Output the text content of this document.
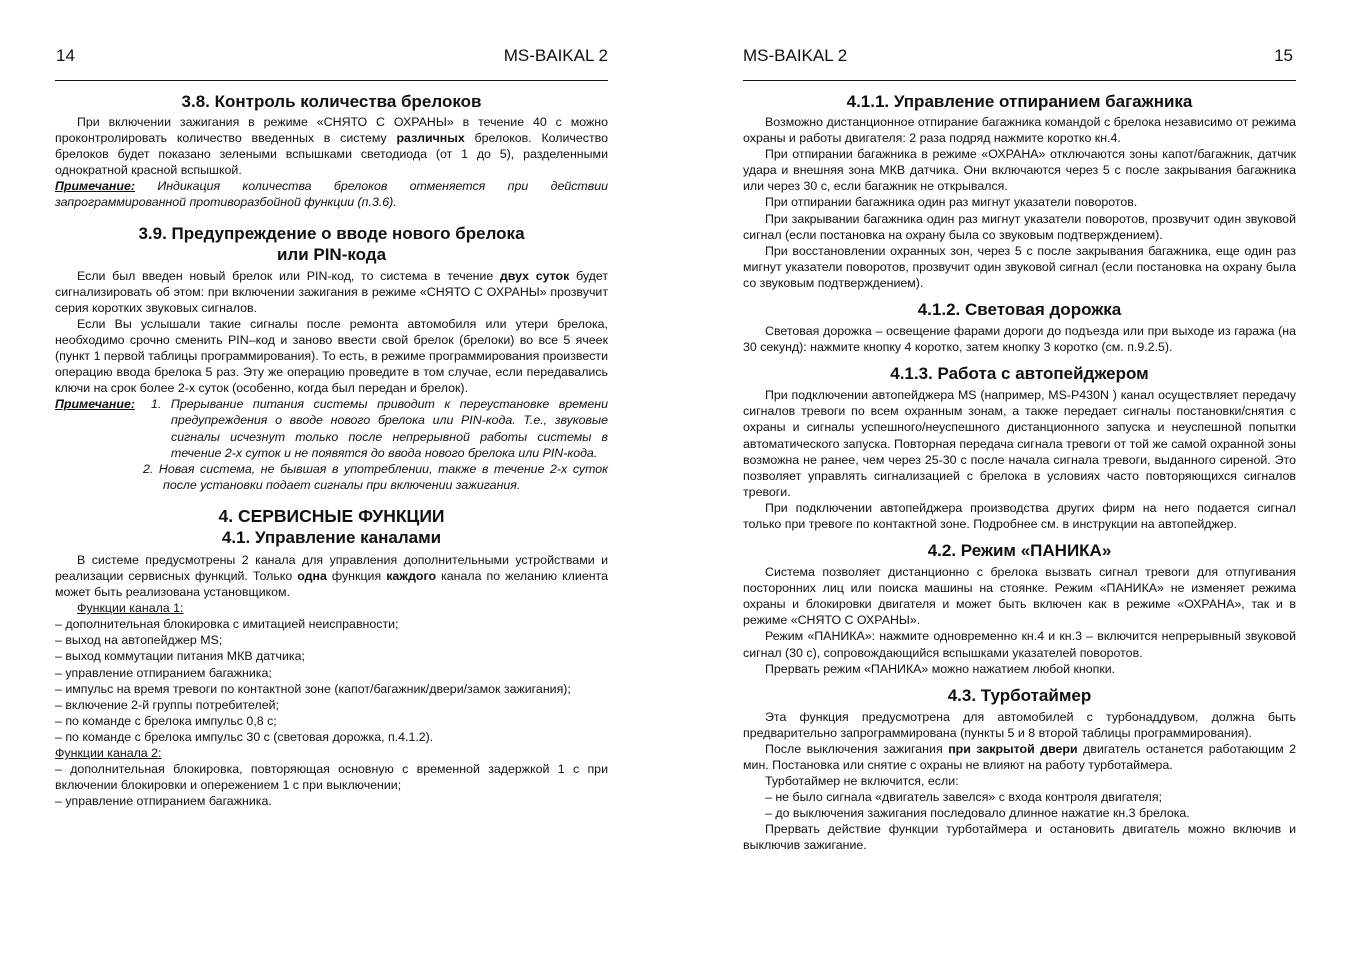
14	MS-BAIKAL 2
3.8. Контроль количества брелоков

При включении зажигания в режиме «СНЯТО С ОХРАНЫ» в течение 40 с можно проконтролировать количество введенных в систему различных брелоков. Количество брелоков будет показано зелеными вспышками светодиода (от 1 до 5), разделенными однократной красной вспышкой.

Примечание: Индикация количества брелоков отменяется при действии запрограммированной противоразбойной функции (п.3.6).

3.9. Предупреждение о вводе нового брелока
или PIN-кода

Если был введен новый брелок или PIN-код, то система в течение двух суток будет сигнализировать об этом: при включении зажигания в режиме «СНЯТО С ОХРАНЫ» прозвучит серия коротких звуковых сигналов.

Если Вы услышали такие сигналы после ремонта автомобиля или утери брелока, необходимо срочно сменить PIN–код и заново ввести свой брелок (брелоки) во все 5 ячеек (пункт 1 первой таблицы программирования). То есть, в режиме программирования произвести операцию ввода брелока 5 раз. Эту же операцию проведите в том случае, если передавались ключи на срок более 2-х суток (особенно, когда был передан и брелок).

Примечание: 1. Прерывание питания системы приводит к переустановке времени предупреждения о вводе нового брелока или PIN-кода. Т.е., звуковые сигналы исчезнут только после непрерывной работы системы в течение 2-х суток и не появятся до ввода нового брелока или PIN-кода.

2. Новая система, не бывшая в употреблении, также в течение 2-х суток после установки подает сигналы при включении зажигания.

4. СЕРВИСНЫЕ ФУНКЦИИ
4.1. Управление каналами

В системе предусмотрены 2 канала для управления дополнительными устройствами и реализации сервисных функций. Только одна функция каждого канала по желанию клиента может быть реализована установщиком.

Функции канала 1:

– дополнительная блокировка с имитацией неисправности;

– выход на автопейджер MS;

– выход коммутации питания МКВ датчика;

– управление отпиранием багажника;

– импульс на время тревоги по контактной зоне (капот/багажник/двери/замок зажигания);

– включение 2-й группы потребителей;

– по команде с брелока импульс 0,8 с;

– по команде с брелока импульс 30 с (световая дорожка, п.4.1.2).

Функции канала 2:

– дополнительная блокировка, повторяющая основную с временной задержкой 1 с при включении блокировки и опережением 1 с при выключении;

– управление отпиранием багажника.

MS-BAIKAL 2	15
4.1.1. Управление отпиранием багажника

Возможно дистанционное отпирание багажника командой с брелока независимо от режима охраны и работы двигателя: 2 раза подряд нажмите коротко кн.4.

При отпирании багажника в режиме «ОХРАНА» отключаются зоны капот/багажник, датчик удара и внешняя зона МКВ датчика. Они включаются через 5 с после закрывания багажника или через 30 с, если багажник не открывался.

При отпирании багажника один раз мигнут указатели поворотов.

При закрывании багажника один раз мигнут указатели поворотов, прозвучит один звуковой сигнал (если постановка на охрану была со звуковым подтверждением).

При восстановлении охранных зон, через 5 с после закрывания багажника, еще один раз мигнут указатели поворотов, прозвучит один звуковой сигнал (если постановка на охрану была со звуковым подтверждением).

4.1.2. Световая дорожка

Световая дорожка – освещение фарами дороги до подъезда или при выходе из гаража (на 30 секунд): нажмите кнопку 4 коротко, затем кнопку 3 коротко (см. п.9.2.5).

4.1.3. Работа с автопейджером

При подключении автопейджера MS (например, MS-P430N ) канал осуществляет передачу сигналов тревоги по всем охранным зонам, а также передает сигналы постановки/снятия с охраны и сигналы успешного/неуспешного дистанционного запуска и неуспешной попытки автоматического запуска. Повторная передача сигнала тревоги от той же самой охранной зоны возможна не ранее, чем через 25-30 с после начала сигнала тревоги, выданного сиреной. Это позволяет управлять сигнализацией с брелока в условиях часто повторяющихся сигналов тревоги.

При подключении автопейджера производства других фирм на него подается сигнал только при тревоге по контактной зоне. Подробнее см. в инструкции на автопейджер.

4.2. Режим «ПАНИКА»

Система позволяет дистанционно с брелока вызвать сигнал тревоги для отпугивания посторонних лиц или поиска машины на стоянке. Режим «ПАНИКА» не изменяет режима охраны и блокировки двигателя и может быть включен как в режиме «ОХРАНА», так и в режиме «СНЯТО С ОХРАНЫ».

Режим «ПАНИКА»: нажмите одновременно кн.4 и кн.3 – включится непрерывный звуковой сигнал (30 с), сопровождающийся вспышками указателей поворотов.

Прервать режим «ПАНИКА» можно нажатием любой кнопки.

4.3. Турботаймер

Эта функция предусмотрена для автомобилей с турбонаддувом, должна быть предварительно запрограммирована (пункты 5 и 8 второй таблицы программирования).

После выключения зажигания при закрытой двери двигатель останется работающим 2 мин. Постановка или снятие с охраны не влияют на работу турботаймера.

Турботаймер не включится, если:

– не было сигнала «двигатель завелся» с входа контроля двигателя;

– до выключения зажигания последовало длинное нажатие кн.3 брелока.

Прервать действие функции турботаймера и остановить двигатель можно включив и выключив зажигание.
